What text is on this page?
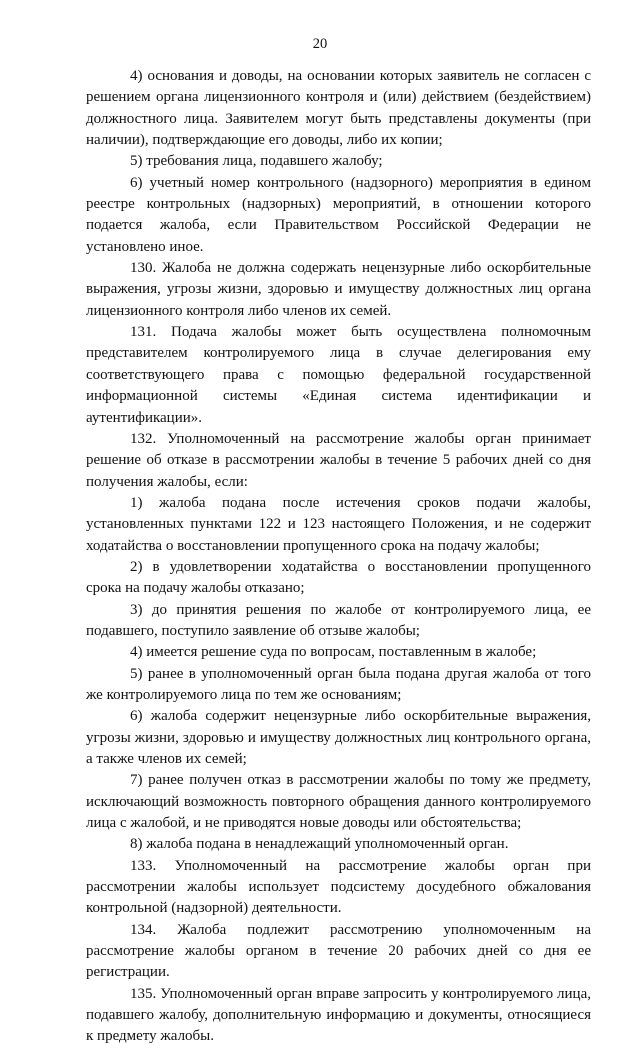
20

4) основания и доводы, на основании которых заявитель не согласен с решением органа лицензионного контроля и (или) действием (бездействием) должностного лица. Заявителем могут быть представлены документы (при наличии), подтверждающие его доводы, либо их копии;

5) требования лица, подавшего жалобу;

6) учетный номер контрольного (надзорного) мероприятия в едином реестре контрольных (надзорных) мероприятий, в отношении которого подается жалоба, если Правительством Российской Федерации не установлено иное.

130. Жалоба не должна содержать нецензурные либо оскорбительные выражения, угрозы жизни, здоровью и имуществу должностных лиц органа лицензионного контроля либо членов их семей.

131. Подача жалобы может быть осуществлена полномочным представителем контролируемого лица в случае делегирования ему соответствующего права с помощью федеральной государственной информационной системы «Единая система идентификации и аутентификации».

132. Уполномоченный на рассмотрение жалобы орган принимает решение об отказе в рассмотрении жалобы в течение 5 рабочих дней со дня получения жалобы, если:

1) жалоба подана после истечения сроков подачи жалобы, установленных пунктами 122 и 123 настоящего Положения, и не содержит ходатайства о восстановлении пропущенного срока на подачу жалобы;

2) в удовлетворении ходатайства о восстановлении пропущенного срока на подачу жалобы отказано;

3) до принятия решения по жалобе от контролируемого лица, ее подавшего, поступило заявление об отзыве жалобы;

4) имеется решение суда по вопросам, поставленным в жалобе;

5) ранее в уполномоченный орган была подана другая жалоба от того же контролируемого лица по тем же основаниям;

6) жалоба содержит нецензурные либо оскорбительные выражения, угрозы жизни, здоровью и имуществу должностных лиц контрольного органа, а также членов их семей;

7) ранее получен отказ в рассмотрении жалобы по тому же предмету, исключающий возможность повторного обращения данного контролируемого лица с жалобой, и не приводятся новые доводы или обстоятельства;

8) жалоба подана в ненадлежащий уполномоченный орган.

133. Уполномоченный на рассмотрение жалобы орган при рассмотрении жалобы использует подсистему досудебного обжалования контрольной (надзорной) деятельности.

134. Жалоба подлежит рассмотрению уполномоченным на рассмотрение жалобы органом в течение 20 рабочих дней со дня ее регистрации.

135. Уполномоченный орган вправе запросить у контролируемого лица, подавшего жалобу, дополнительную информацию и документы, относящиеся к предмету жалобы.
